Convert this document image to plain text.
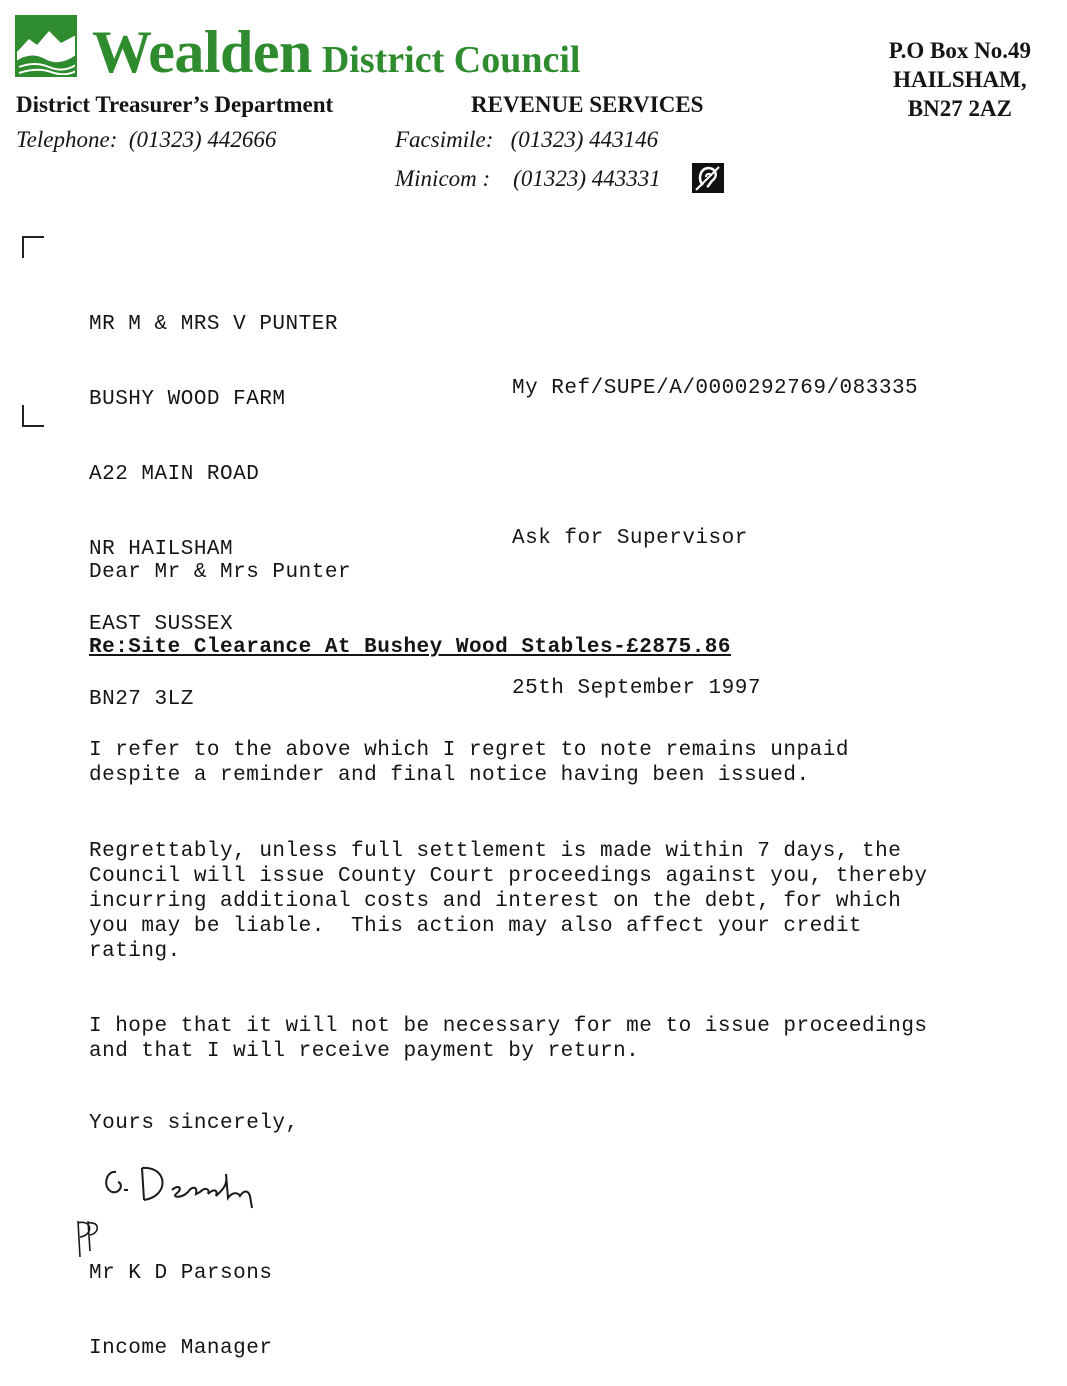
Wealden District Council	P.O Box No.49
HAILSHAM,
BN27 2AZ
District Treasurer’s Department	REVENUE SERVICES
Telephone:  (01323) 442666	Facsimile:   (01323) 443146
Minicom :    (01323) 443331

MR M & MRS V PUNTER

BUSHY WOOD FARM

A22 MAIN ROAD

NR HAILSHAM

EAST SUSSEX

BN27 3LZ

My Ref/SUPE/A/0000292769/083335

Ask for Supervisor

25th September 1997

Dear Mr & Mrs Punter
Re:Site Clearance At Bushey Wood Stables-£2875.86
I refer to the above which I regret to note remains unpaid
despite a reminder and final notice having been issued.
Regrettably, unless full settlement is made within 7 days, the
Council will issue County Court proceedings against you, thereby
incurring additional costs and interest on the debt, for which
you may be liable.  This action may also affect your credit
rating.
I hope that it will not be necessary for me to issue proceedings
and that I will receive payment by return.
Yours sincerely,

Mr K D Parsons

Income Manager
